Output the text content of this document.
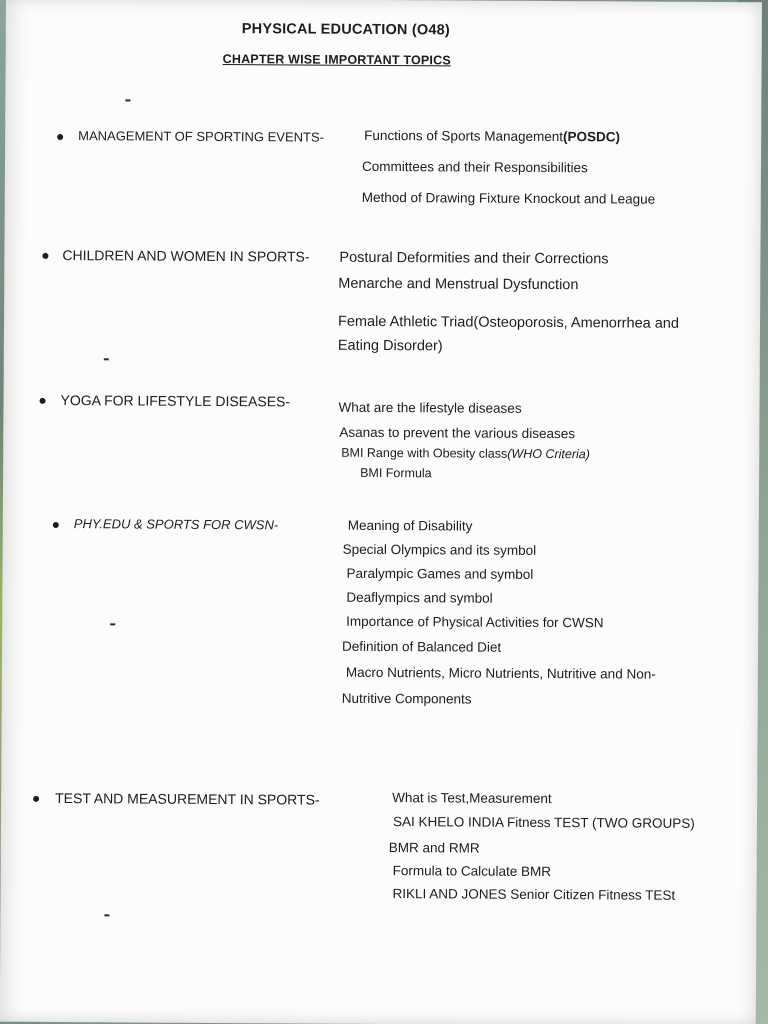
PHYSICAL EDUCATION (O48)
CHAPTER WISE IMPORTANT TOPICS
MANAGEMENT OF SPORTING EVENTS-	Functions of Sports Management(POSDC)
Committees and their Responsibilities
Method of Drawing Fixture Knockout and League
CHILDREN AND WOMEN IN SPORTS- Postural Deformities and their Corrections
Menarche and Menstrual Dysfunction
Female Athletic Triad(Osteoporosis, Amenorrhea and
Eating Disorder)
YOGA FOR LIFESTYLE DISEASES-	What are the lifestyle diseases
Asanas to prevent the various diseases
BMI Range with Obesity class(WHO Criteria)
BMI Formula
PHY.EDU & SPORTS FOR CWSN-	Meaning of Disability
Special Olympics and its symbol
Paralympic Games and symbol
Deaflympics and symbol
Importance of Physical Activities for CWSN
Definition of Balanced Diet
Macro Nutrients, Micro Nutrients, Nutritive and Non-
Nutritive Components
TEST AND MEASUREMENT IN SPORTS-	What is Test,Measurement
SAI KHELO INDIA Fitness TEST (TWO GROUPS)
BMR and RMR
Formula to Calculate BMR
RIKLI AND JONES Senior Citizen Fitness TESt
